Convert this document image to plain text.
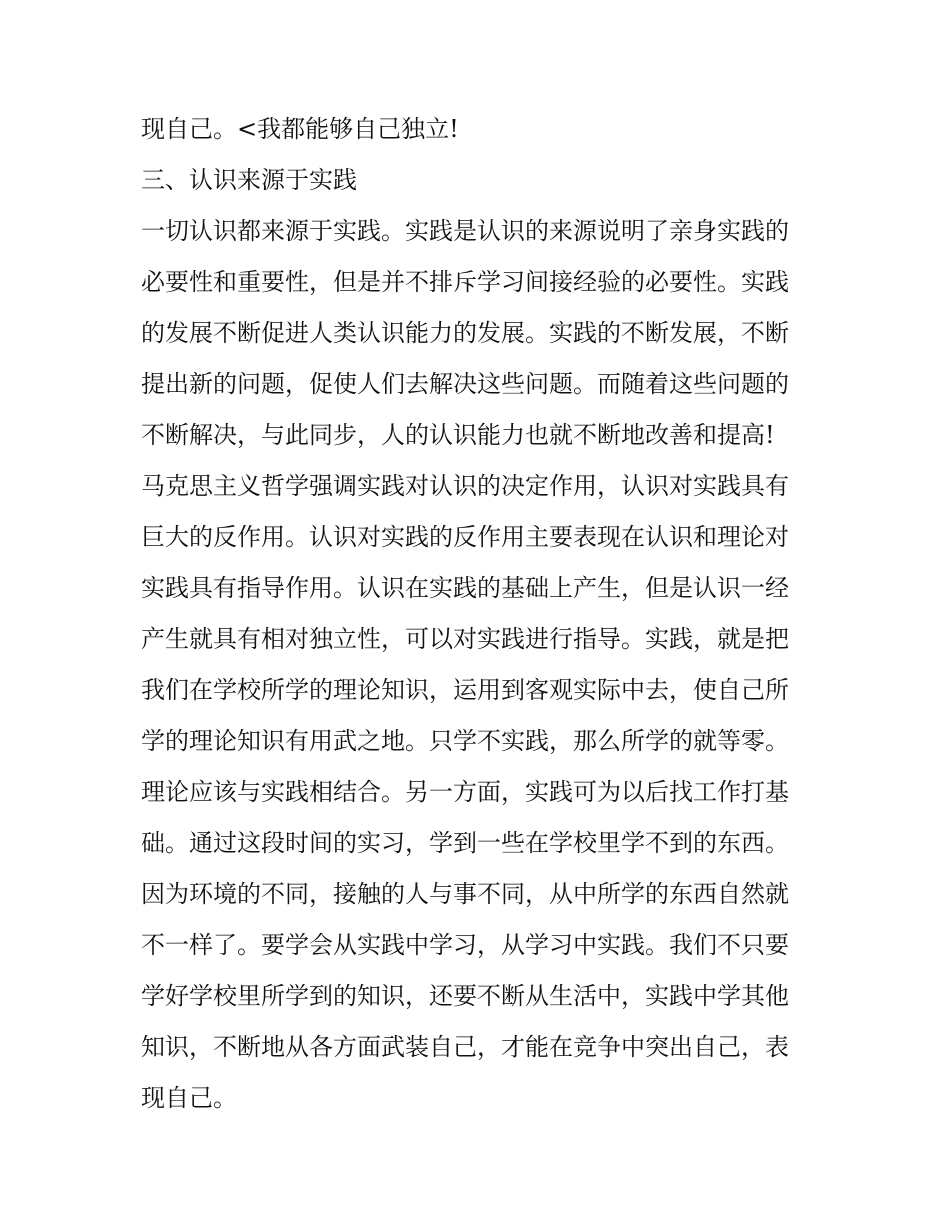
现自己。<我都能够自己独立!
三、认识来源于实践
一切认识都来源于实践。实践是认识的来源说明了亲身实践的
必要性和重要性，但是并不排斥学习间接经验的必要性。实践
的发展不断促进人类认识能力的发展。实践的不断发展，不断
提出新的问题，促使人们去解决这些问题。而随着这些问题的
不断解决，与此同步，人的认识能力也就不断地改善和提高!
马克思主义哲学强调实践对认识的决定作用，认识对实践具有
巨大的反作用。认识对实践的反作用主要表现在认识和理论对
实践具有指导作用。认识在实践的基础上产生，但是认识一经
产生就具有相对独立性，可以对实践进行指导。实践，就是把
我们在学校所学的理论知识，运用到客观实际中去，使自己所
学的理论知识有用武之地。只学不实践，那么所学的就等零。
理论应该与实践相结合。另一方面，实践可为以后找工作打基
础。通过这段时间的实习，学到一些在学校里学不到的东西。
因为环境的不同，接触的人与事不同，从中所学的东西自然就
不一样了。要学会从实践中学习，从学习中实践。我们不只要
学好学校里所学到的知识，还要不断从生活中，实践中学其他
知识，不断地从各方面武装自己，才能在竞争中突出自己，表
现自己。
